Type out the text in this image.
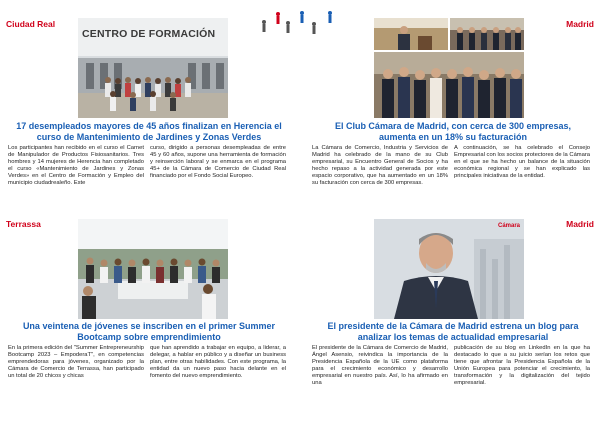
Ciudad Real
CENTRO DE FORMACIÓN
17 desempleados mayores de 45 años finalizan en Herencia el curso de Mantenimiento de Jardines y Zonas Verdes
Los participantes han recibido en el curso el Carnet de Manipulador de Productos Fisiosanitarios. Tres hombres y 14 mujeres de Herencia han completado el curso «Mantenimiento de Jardines y Zonas Verdes» en el Centro de Formación y Empleo del municipio ciudadrealeño. Este
curso, dirigido a personas desempleadas de entre 45 y 60 años, supone una herramienta de formación y reinserción laboral y se enmarca en el programa 45+ de la Cámara de Comercio de Ciudad Real financiado por el Fondo Social Europeo.
Madrid
El Club Cámara de Madrid, con cerca de 300 empresas, aumenta en un 18% su facturación
La Cámara de Comercio, Industria y Servicios de Madrid ha celebrado de la mano de su Club empresarial, su Encuentro General de Socios y ha hecho repaso a la actividad generada por este espacio corporativo, que ha aumentado en un 18% su facturación con cerca de 300 empresas.
A continuación, se ha celebrado el Consejo Empresarial con los socios protectores de la Cámara en el que se ha hecho un balance de la situación económica regional y se han explicado las principales iniciativas de la entidad.
Terrassa
Una veintena de jóvenes se inscriben en el primer Summer Bootcamp sobre emprendimiento
En la primera edición del "Summer Entrepreneurship Bootcamp 2023 – EmpoderaT", en competencias emprendedoras para jóvenes, organizado por la Cámara de Comercio de Terrassa, han participado un total de 20 chicos y chicas
que han aprendido a trabajar en equipo, a liderar, a delegar, a hablar en público y a diseñar un business plan, entre otras habilidades. Con este programa, la entidad da un nuevo paso hacia delante en el fomento del nuevo emprendimiento.
Madrid
Cámara
El presidente de la Cámara de Madrid estrena un blog para analizar los temas de actualidad empresarial
El presidente de la Cámara de Comercio de Madrid, Ángel Asensio, reivindica la importancia de la Presidencia Española de la UE como plataforma para el crecimiento económico y desarrollo empresarial en nuestro país. Así, lo ha afirmado en una
publicación de su blog en LinkedIn en la que ha destacado lo que a su juicio serían los retos que tiene que afrontar la Presidencia Española de la Unión Europea para potenciar el crecimiento, la transformación y la digitalización del tejido empresarial.
